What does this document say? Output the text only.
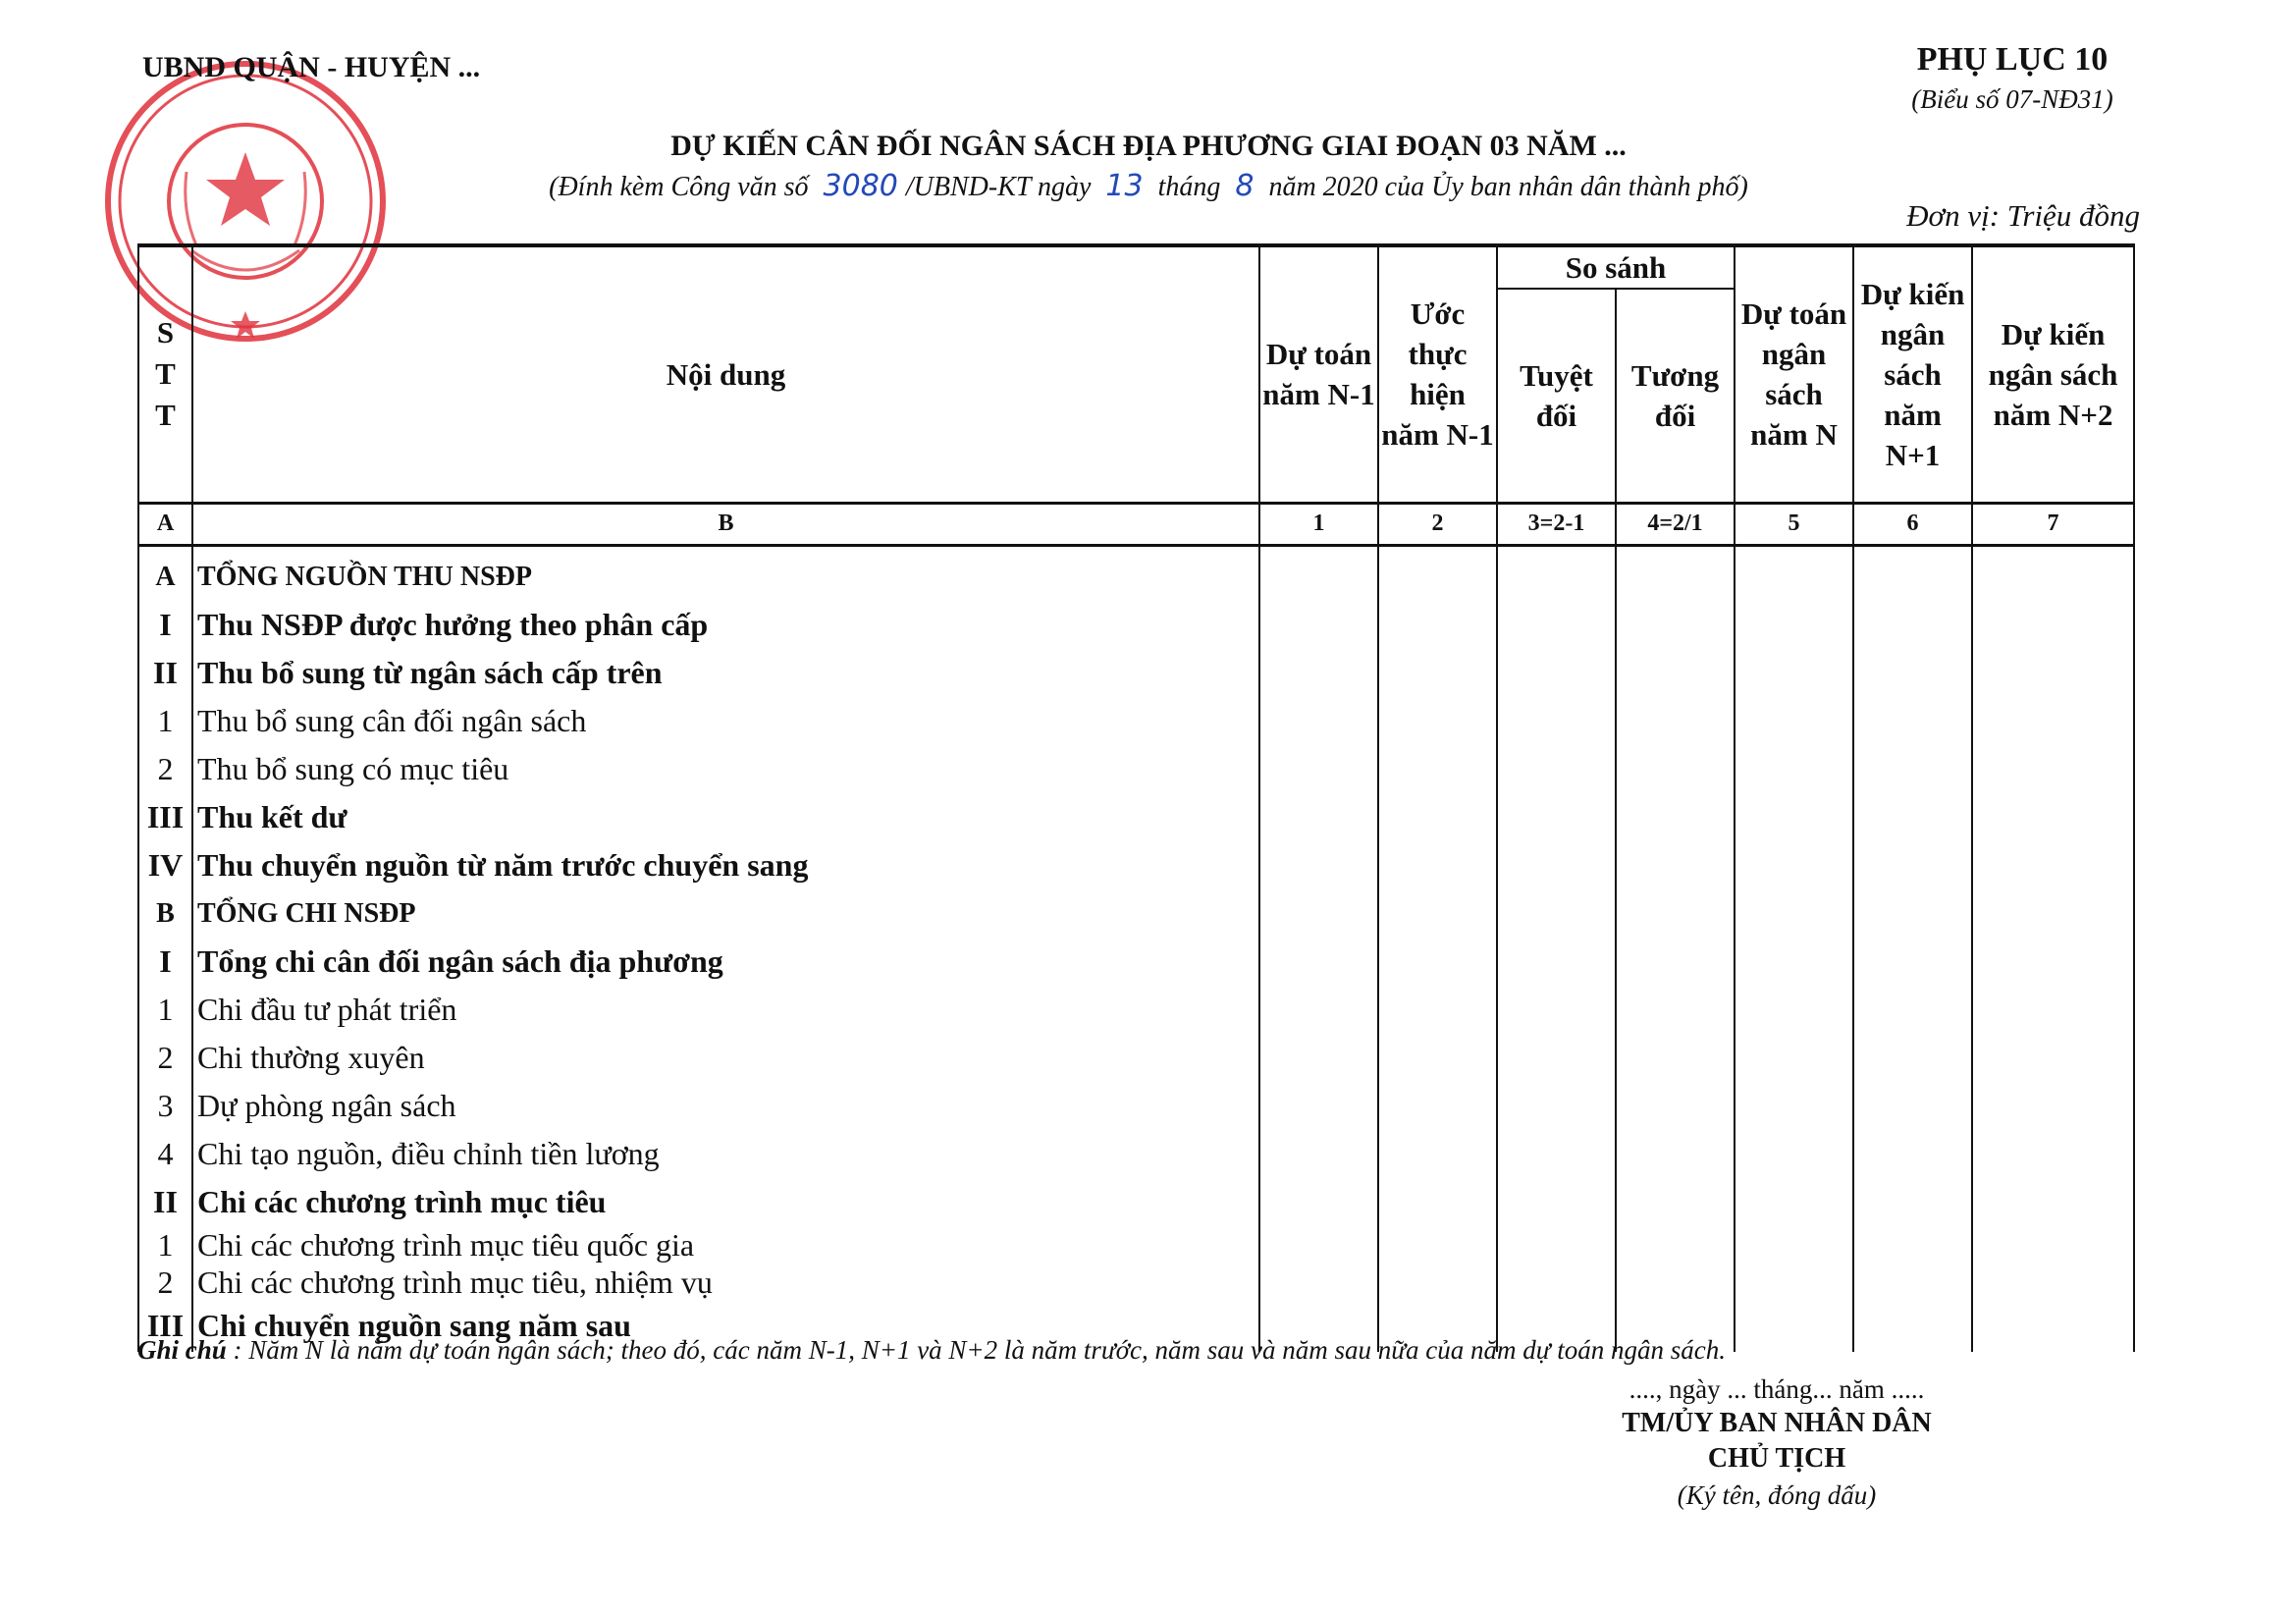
UBND QUẬN - HUYỆN ...	PHỤ LỤC 10
(Biểu số 07-NĐ31)
DỰ KIẾN CÂN ĐỐI NGÂN SÁCH ĐỊA PHƯƠNG GIAI ĐOẠN 03 NĂM ...
(Đính kèm Công văn số 3080 /UBND-KT ngày 13 tháng 8 năm 2020 của Ủy ban nhân dân thành phố)
Đơn vị: Triệu đồng
S T T	Nội dung	Dự toán năm N-1	Ước thực hiện năm N-1	So sánh		Dự toán ngân sách năm N	Dự kiến ngân sách năm N+1	Dự kiến ngân sách năm N+2
				Tuyệt đối	Tương đối			
A	B	1	2	3=2-1	4=2/1	5	6	7
A	TỔNG NGUỒN THU NSĐP							
I	Thu NSĐP được hưởng theo phân cấp							
II	Thu bổ sung từ ngân sách cấp trên							
1	Thu bổ sung cân đối ngân sách							
2	Thu bổ sung có mục tiêu							
III	Thu kết dư							
IV	Thu chuyển nguồn từ năm trước chuyển sang							
B	TỔNG CHI NSĐP							
I	Tổng chi cân đối ngân sách địa phương							
1	Chi đầu tư phát triển							
2	Chi thường xuyên							
3	Dự phòng ngân sách							
4	Chi tạo nguồn, điều chỉnh tiền lương							
II	Chi các chương trình mục tiêu							
1	Chi các chương trình mục tiêu quốc gia							
2	Chi các chương trình mục tiêu, nhiệm vụ							
III	Chi chuyển nguồn sang năm sau							
Ghi chú : Năm N là năm dự toán ngân sách; theo đó, các năm N-1, N+1 và N+2 là năm trước, năm sau và năm sau nữa của năm dự toán ngân sách.
...., ngày ... tháng... năm .....
TM/ỦY BAN NHÂN DÂN
CHỦ TỊCH
(Ký tên, đóng dấu)
